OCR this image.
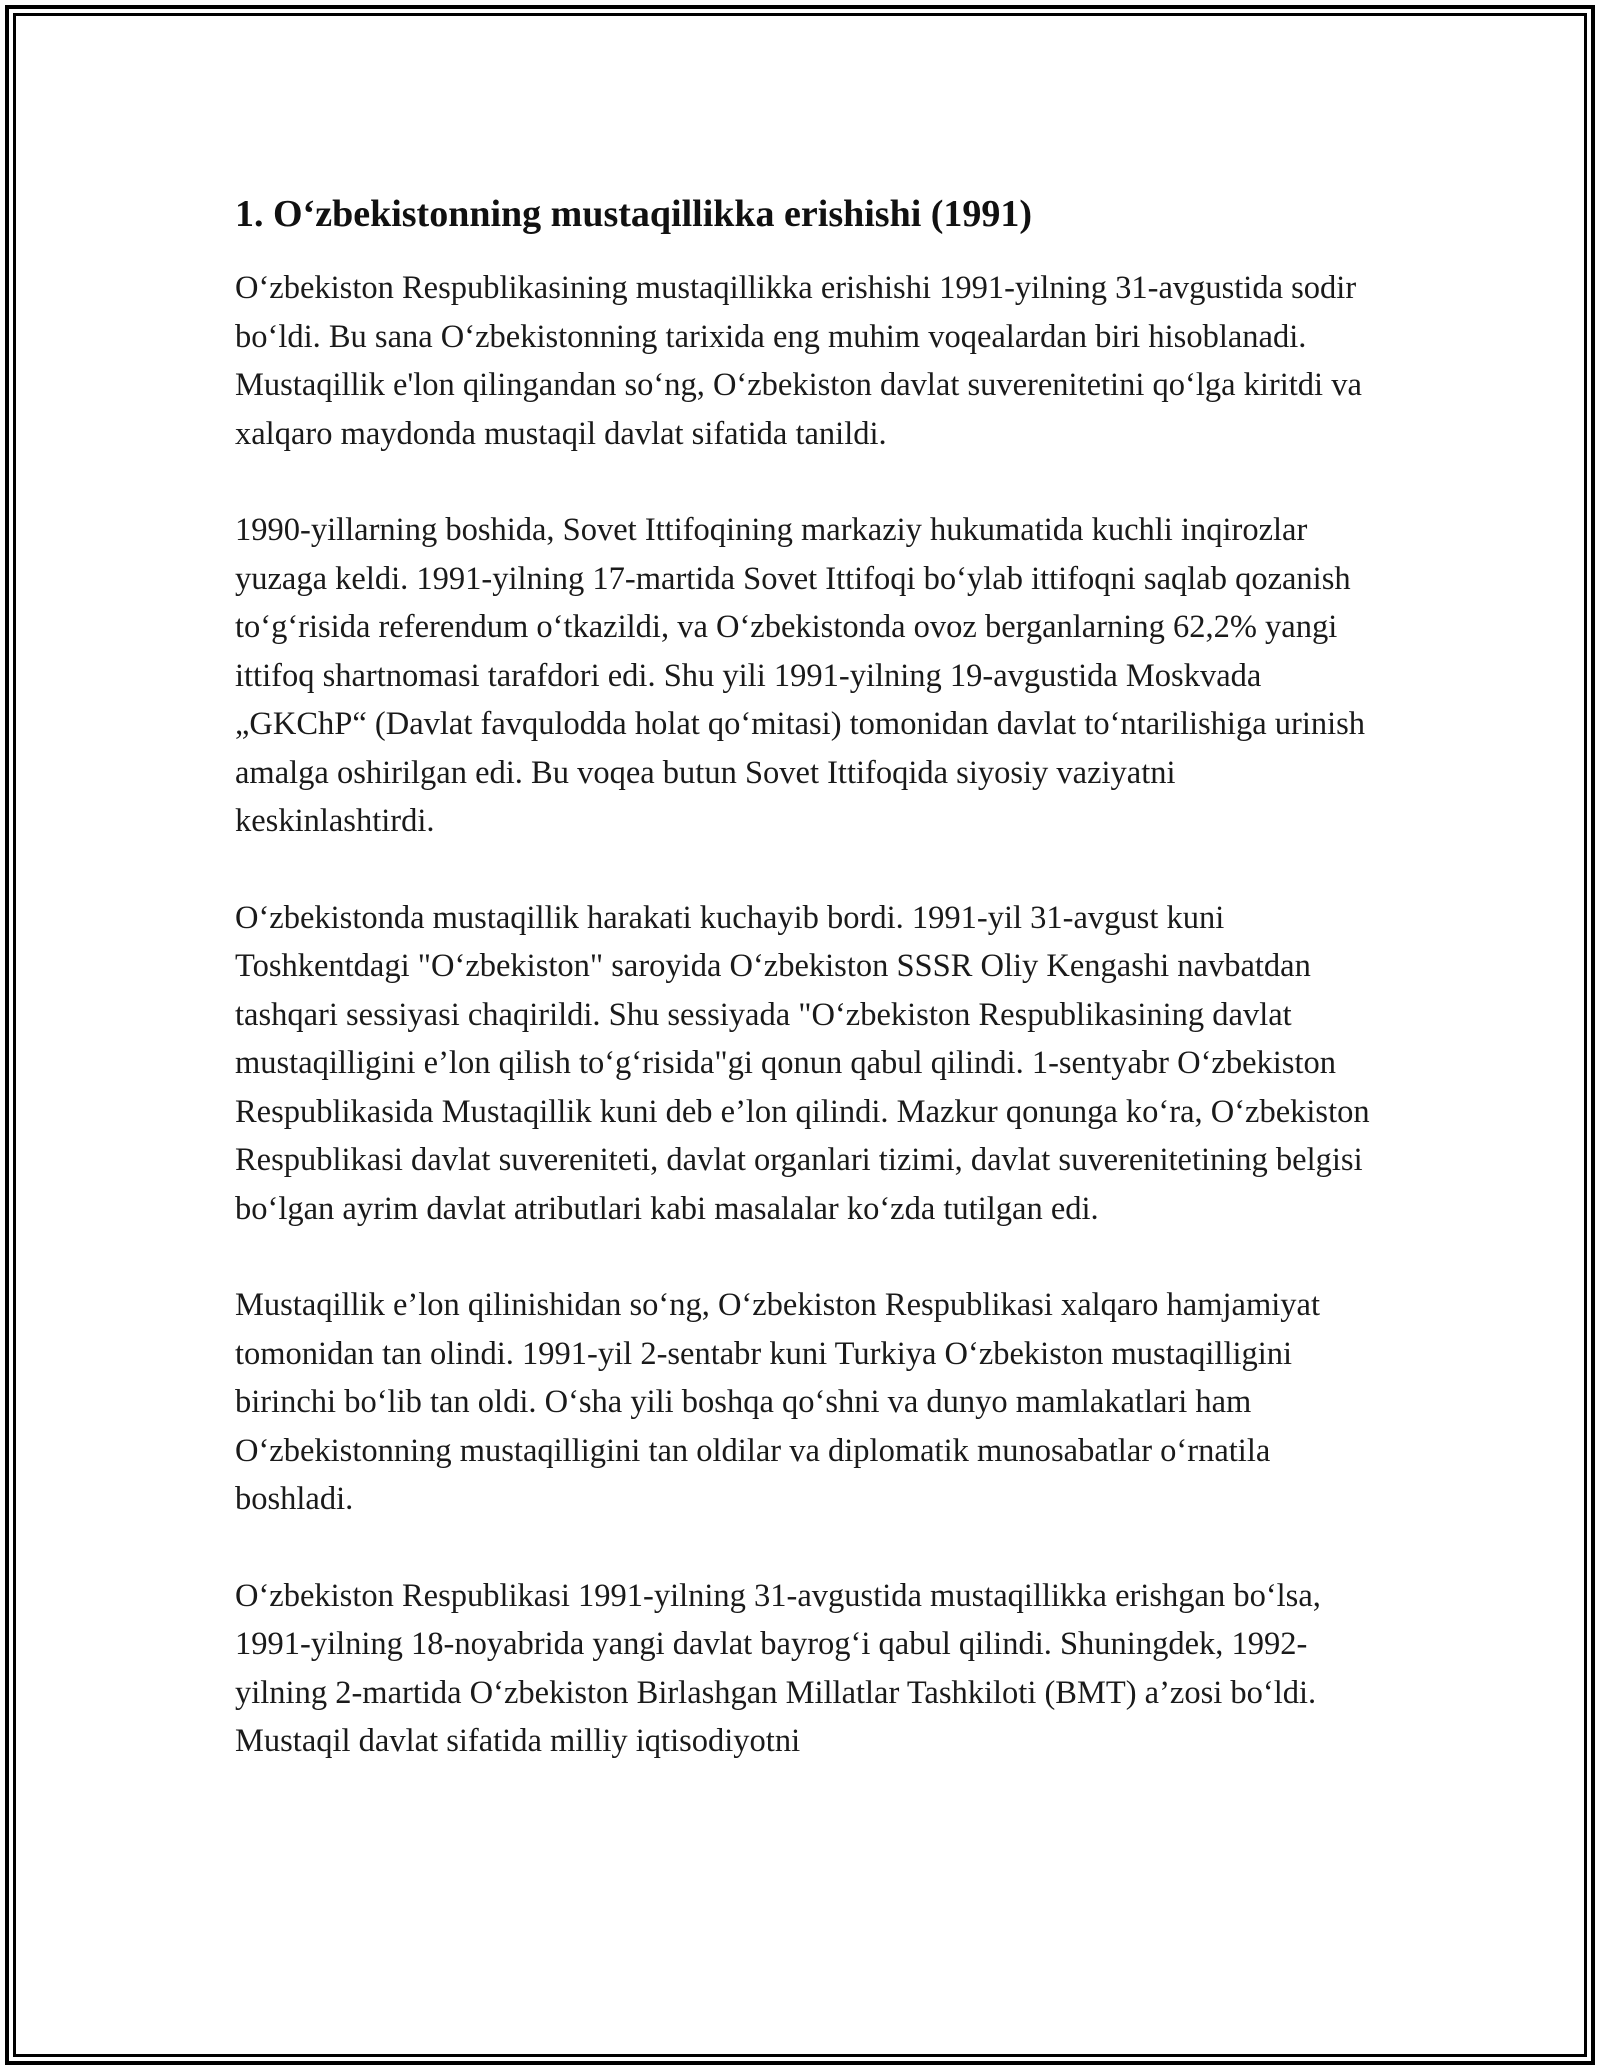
1. O‘zbekistonning mustaqillikka erishishi (1991)

O‘zbekiston Respublikasining mustaqillikka erishishi 1991-yilning 31-avgustida sodir bo‘ldi. Bu sana O‘zbekistonning tarixida eng muhim voqealardan biri hisoblanadi. Mustaqillik e'lon qilingandan so‘ng, O‘zbekiston davlat suverenitetini qo‘lga kiritdi va xalqaro maydonda mustaqil davlat sifatida tanildi.

1990-yillarning boshida, Sovet Ittifoqining markaziy hukumatida kuchli inqirozlar yuzaga keldi. 1991-yilning 17-martida Sovet Ittifoqi bo‘ylab ittifoqni saqlab qozanish to‘g‘risida referendum o‘tkazildi, va O‘zbekistonda ovoz berganlarning 62,2% yangi ittifoq shartnomasi tarafdori edi. Shu yili 1991-yilning 19-avgustida Moskvada „GKChP“ (Davlat favqulodda holat qo‘mitasi) tomonidan davlat to‘ntarilishiga urinish amalga oshirilgan edi. Bu voqea butun Sovet Ittifoqida siyosiy vaziyatni keskinlashtirdi.

O‘zbekistonda mustaqillik harakati kuchayib bordi. 1991-yil 31-avgust kuni Toshkentdagi "O‘zbekiston" saroyida O‘zbekiston SSSR Oliy Kengashi navbatdan tashqari sessiyasi chaqirildi. Shu sessiyada "O‘zbekiston Respublikasining davlat mustaqilligini e’lon qilish to‘g‘risida"gi qonun qabul qilindi. 1-sentyabr O‘zbekiston Respublikasida Mustaqillik kuni deb e’lon qilindi. Mazkur qonunga ko‘ra, O‘zbekiston Respublikasi davlat suvereniteti, davlat organlari tizimi, davlat suverenitetining belgisi bo‘lgan ayrim davlat atributlari kabi masalalar ko‘zda tutilgan edi.

Mustaqillik e’lon qilinishidan so‘ng, O‘zbekiston Respublikasi xalqaro hamjamiyat tomonidan tan olindi. 1991-yil 2-sentabr kuni Turkiya O‘zbekiston mustaqilligini birinchi bo‘lib tan oldi. O‘sha yili boshqa qo‘shni va dunyo mamlakatlari ham O‘zbekistonning mustaqilligini tan oldilar va diplomatik munosabatlar o‘rnatila boshladi.

O‘zbekiston Respublikasi 1991-yilning 31-avgustida mustaqillikka erishgan bo‘lsa, 1991-yilning 18-noyabrida yangi davlat bayrog‘i qabul qilindi. Shuningdek, 1992-yilning 2-martida O‘zbekiston Birlashgan Millatlar Tashkiloti (BMT) a’zosi bo‘ldi. Mustaqil davlat sifatida milliy iqtisodiyotni
